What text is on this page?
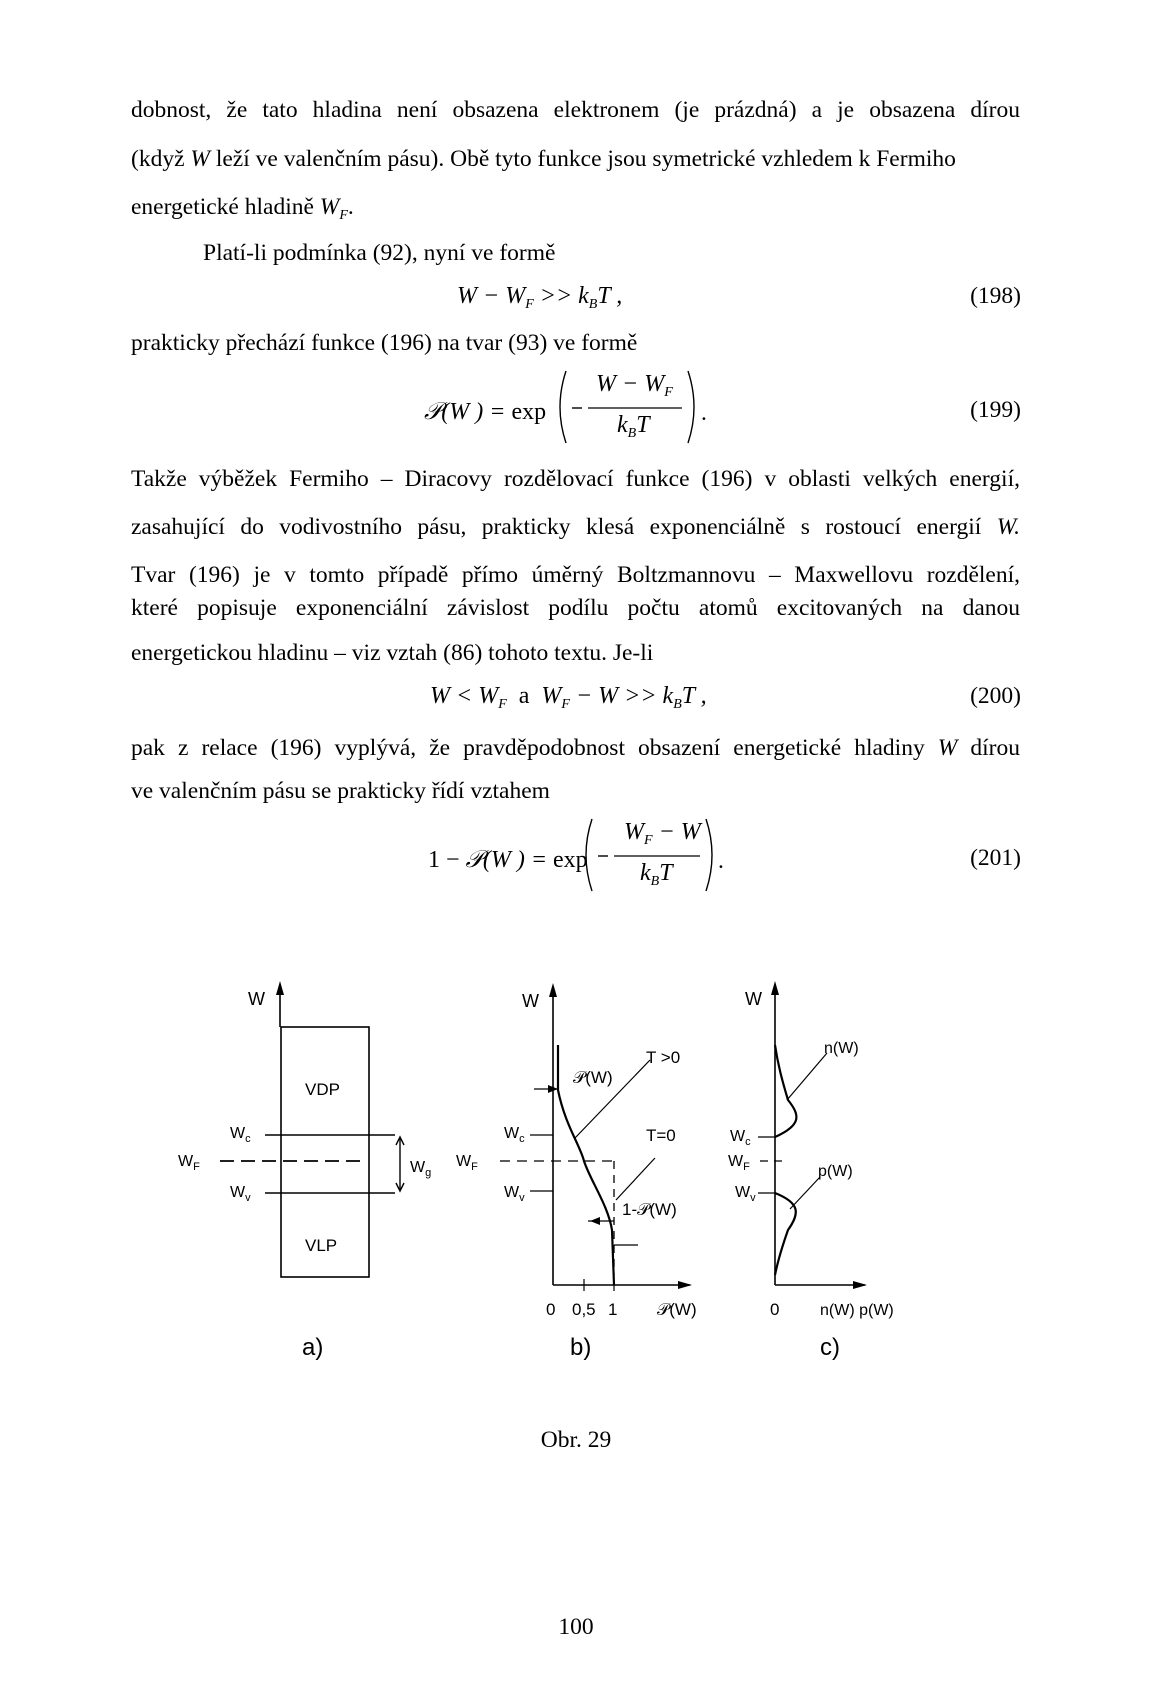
dobnost, že tato hladina není obsazena elektronem (je prázdná) a je obsazena dírou
(když W leží ve valenčním pásu). Obě tyto funkce jsou symetrické vzhledem k Fermiho
energetické hladině $W_F$.
Platí-li podmínka (92), nyní ve formě
$W - W_F >> k_BT$ ,	(198)
prakticky přechází funkce (196) na tvar (93) ve formě
𝒫(W ) = exp
$W - W_F$
$k_BT$ .	(199)
Takže výběžek Fermiho – Diracovy rozdělovací funkce (196) v oblasti velkých energií,
zasahující do vodivostního pásu, prakticky klesá exponenciálně s rostoucí energií W.
Tvar (196) je v tomto případě přímo úměrný Boltzmannovu – Maxwellovu rozdělení,
které popisuje exponenciální závislost podílu počtu atomů excitovaných na danou
energetickou hladinu – viz vztah (86) tohoto textu. Je-li
$W < W_F$  a  $W_F - W >> k_BT$ ,	(200)
pak z relace (196) vyplývá, že pravděpodobnost obsazení energetické hladiny W dírou
ve valenčním pásu se prakticky řídí vztahem
1 − 𝒫(W ) = exp
$W_F - W$
$k_BT$ .	(201)
W
VDP
VLP
$W_c$
$W_F$
$W_v$
$W_g$
a)
W
𝒫(W)
T >0
T=0
1-𝒫(W)
$W_c$
$W_F$
$W_v$
0 0,5 1 𝒫(W)
b)
W
n(W)
p(W)
$W_c$
$W_F$
$W_v$
0	n(W) p(W)
c)
Obr. 29
100
